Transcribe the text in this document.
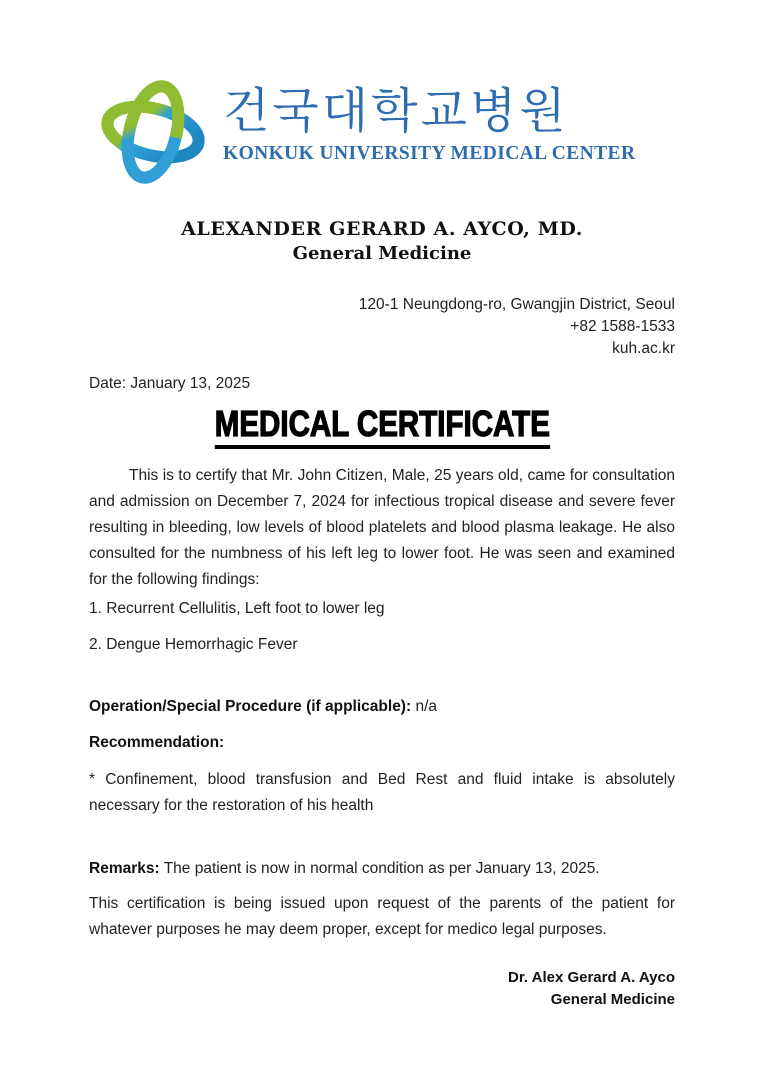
건국대학교병원
KONKUK UNIVERSITY MEDICAL CENTER
ALEXANDER GERARD A. AYCO, MD.
General Medicine
120-1 Neungdong-ro, Gwangjin District, Seoul
+82 1588-1533
kuh.ac.kr
Date: January 13, 2025
MEDICAL CERTIFICATE

This is to certify that Mr. John Citizen, Male, 25 years old, came for consultation and admission on December 7, 2024 for infectious tropical disease and severe fever resulting in bleeding, low levels of blood platelets and blood plasma leakage. He also consulted for the numbness of his left leg to lower foot. He was seen and examined for the following findings:

1. Recurrent Cellulitis, Left foot to lower leg
2. Dengue Hemorrhagic Fever
Operation/Special Procedure (if applicable): n/a
Recommendation:

* Confinement, blood transfusion and Bed Rest and fluid intake is absolutely necessary for the restoration of his health

Remarks: The patient is now in normal condition as per January 13, 2025.

This certification is being issued upon request of the parents of the patient for whatever purposes he may deem proper, except for medico legal purposes.

Dr. Alex Gerard A. Ayco
General Medicine
